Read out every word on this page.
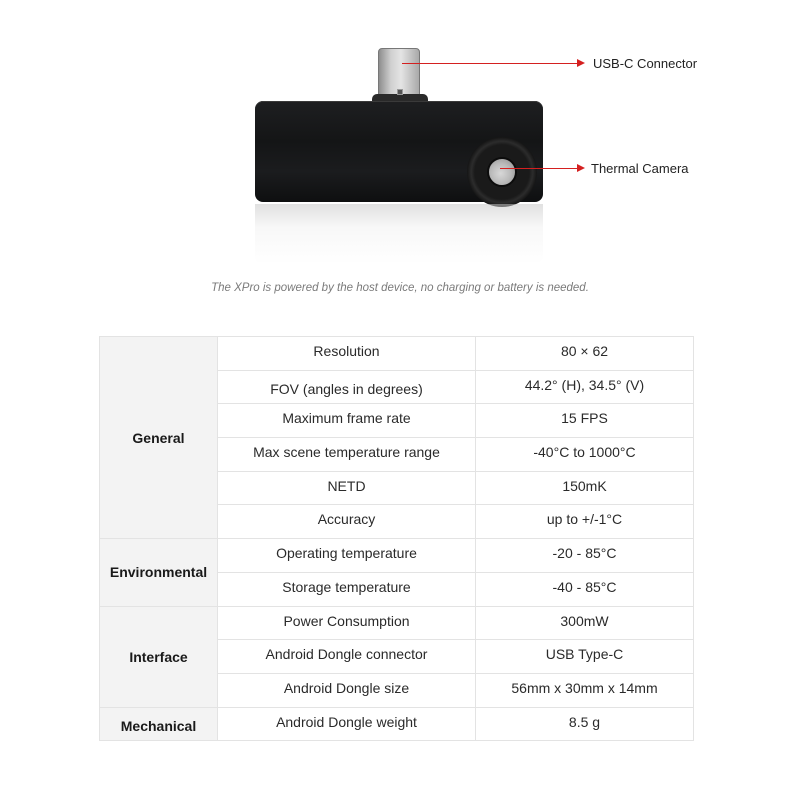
USB-C Connector
Thermal Camera
The XPro is powered by the host device, no charging or battery is needed.
General	Resolution	80 × 62
	FOV (angles in degrees)	44.2° (H), 34.5° (V)
	Maximum frame rate	15 FPS
	Max scene temperature range	-40°C to 1000°C
	NETD	150mK
	Accuracy	up to +/-1°C
Environmental	Operating temperature	-20 - 85°C
	Storage temperature	-40 - 85°C
Interface	Power Consumption	300mW
	Android Dongle connector	USB Type-C
	Android Dongle size	56mm x 30mm x 14mm
Mechanical	Android Dongle weight	8.5 g
